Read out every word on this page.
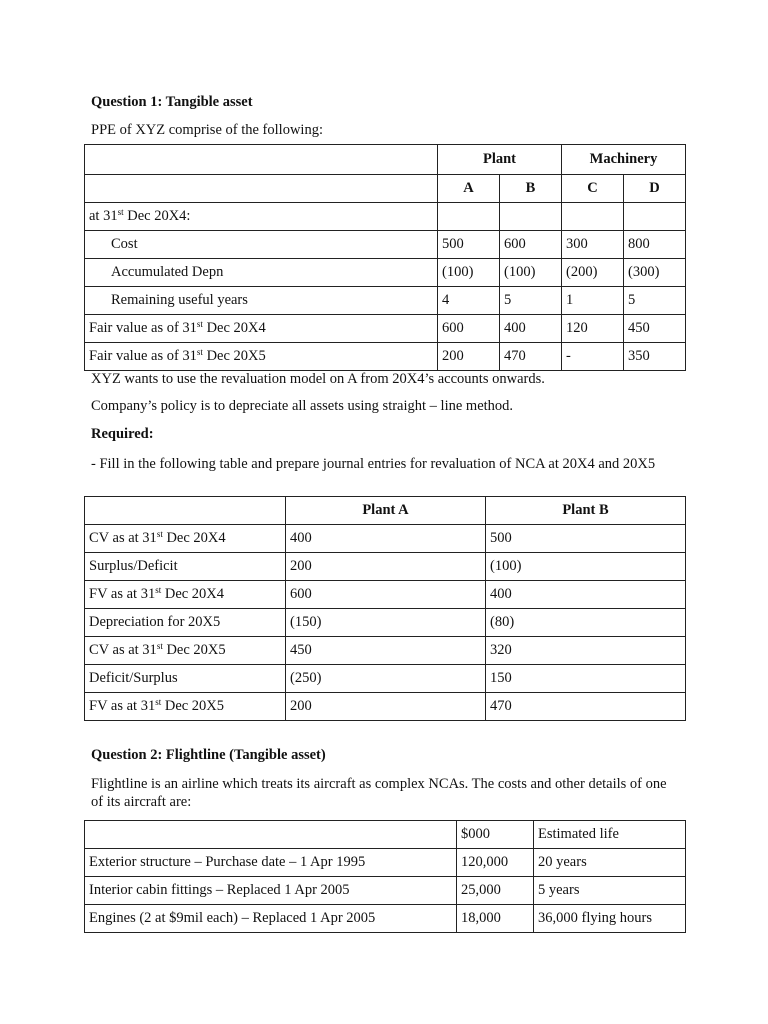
Question 1: Tangible asset
PPE of XYZ comprise of the following:
	Plant		Machinery	
	A	B	C	D
at 31st Dec 20X4:				
Cost	500	600	300	800
Accumulated Depn	(100)	(100)	(200)	(300)
Remaining useful years	4	5	1	5
Fair value as of 31st Dec 20X4	600	400	120	450
Fair value as of 31st Dec 20X5	200	470	-	350
XYZ wants to use the revaluation model on A from 20X4’s accounts onwards.
Company’s policy is to depreciate all assets using straight – line method.
Required:
- Fill in the following table and prepare journal entries for revaluation of NCA at 20X4 and 20X5
	Plant A	Plant B
CV as at 31st Dec 20X4	400	500
Surplus/Deficit	200	(100)
FV as at 31st Dec 20X4	600	400
Depreciation for 20X5	(150)	(80)
CV as at 31st Dec 20X5	450	320
Deficit/Surplus	(250)	150
FV as at 31st Dec 20X5	200	470
Question 2: Flightline (Tangible asset)
Flightline is an airline which treats its aircraft as complex NCAs. The costs and other details of one of its aircraft are:
	$000	Estimated life
Exterior structure – Purchase date – 1 Apr 1995	120,000	20 years
Interior cabin fittings – Replaced 1 Apr 2005	25,000	5 years
Engines (2 at $9mil each) – Replaced 1 Apr 2005	18,000	36,000 flying hours
